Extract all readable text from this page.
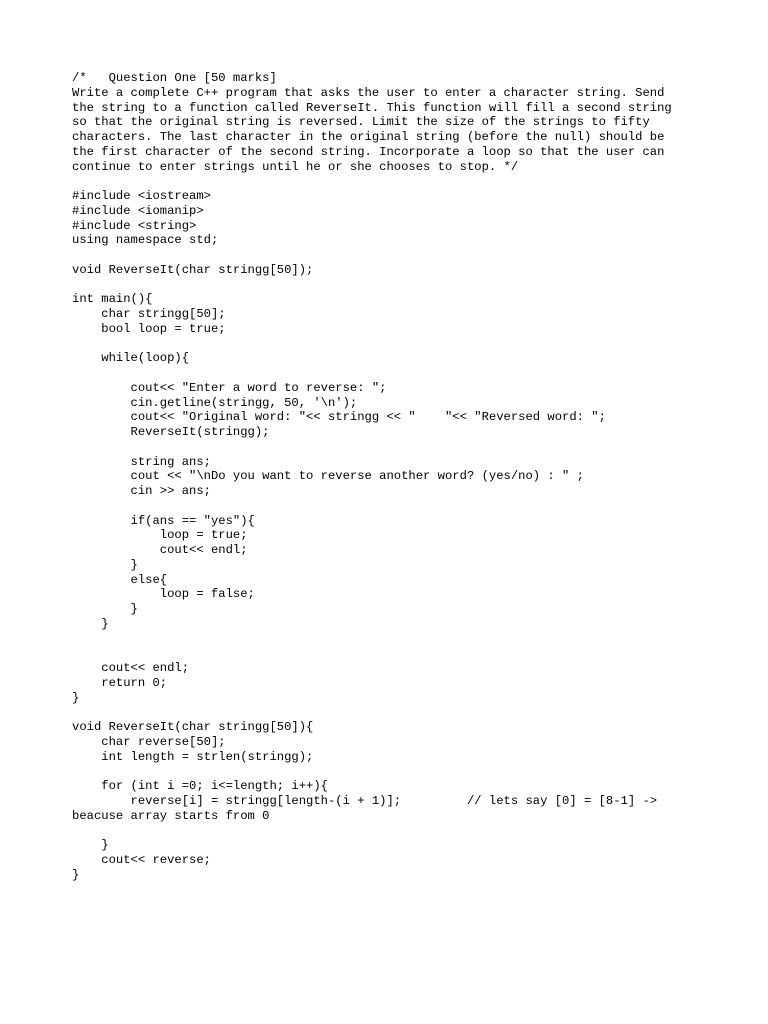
/*   Question One [50 marks]
Write a complete C++ program that asks the user to enter a character string. Send
the string to a function called ReverseIt. This function will fill a second string
so that the original string is reversed. Limit the size of the strings to fifty
characters. The last character in the original string (before the null) should be
the first character of the second string. Incorporate a loop so that the user can
continue to enter strings until he or she chooses to stop. */
#include <iostream>
#include <iomanip>
#include <string>
using namespace std;
void ReverseIt(char stringg[50]);
int main(){
char stringg[50];
bool loop = true;
while(loop){
cout<< "Enter a word to reverse: ";
cin.getline(stringg, 50, '\n');
cout<< "Original word: "<< stringg << "    "<< "Reversed word: ";
ReverseIt(stringg);
string ans;
cout << "\nDo you want to reverse another word? (yes/no) : " ;
cin >> ans;
if(ans == "yes"){
loop = true;
cout<< endl;
}
else{
loop = false;
}
}
cout<< endl;
return 0;
}
void ReverseIt(char stringg[50]){
char reverse[50];
int length = strlen(stringg);
for (int i =0; i<=length; i++){
reverse[i] = stringg[length-(i + 1)];         // lets say [0] = [8-1] ->
beacuse array starts from 0
}
cout<< reverse;
}
